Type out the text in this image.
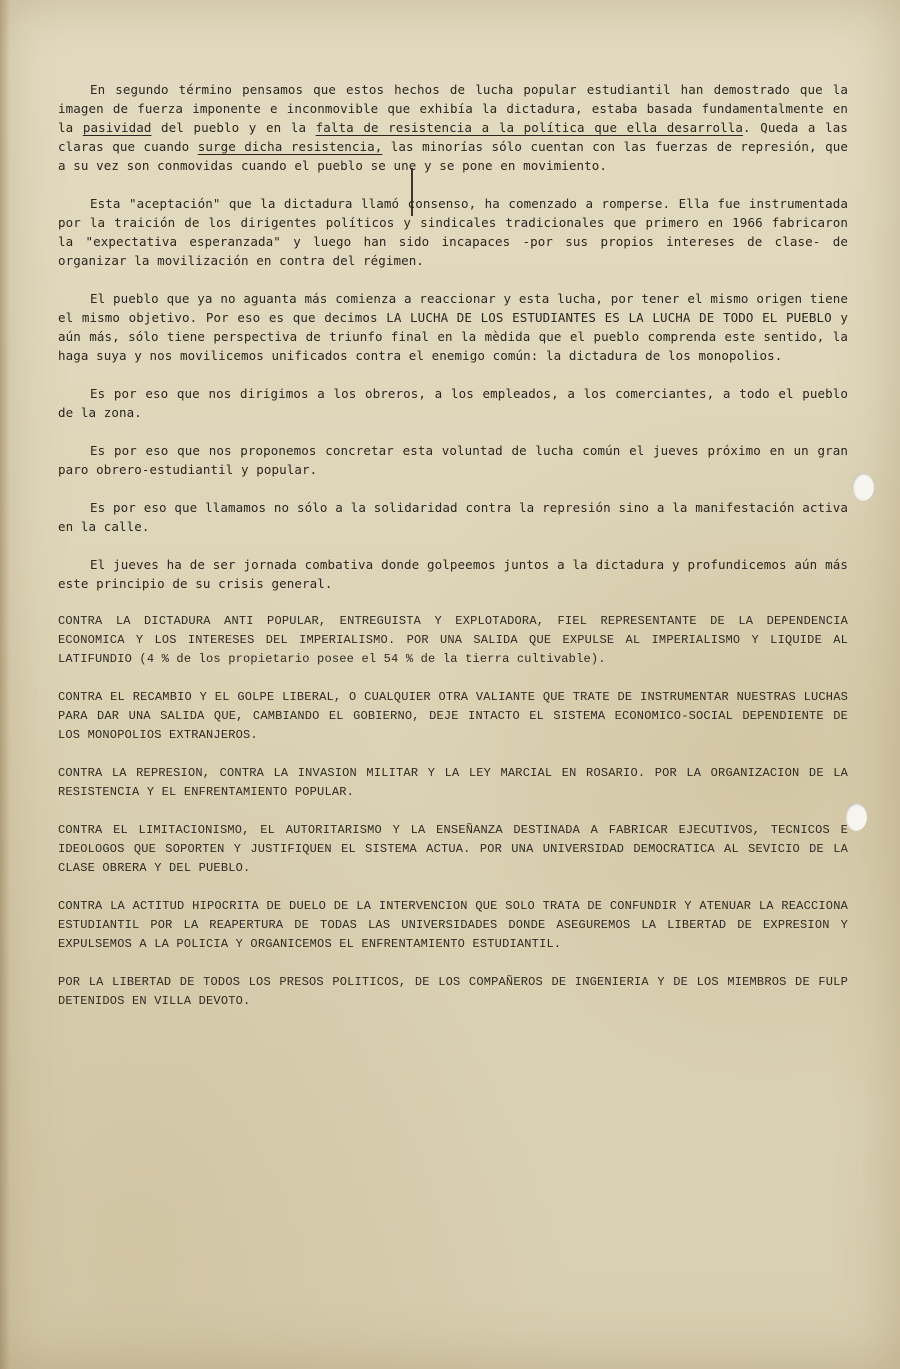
En segundo término pensamos que estos hechos de lucha popular estudiantil han demostrado que la imagen de fuerza imponente e inconmovible que exhibía la dictadura, estaba basada fundamentalmente en la pasividad del pueblo y en la falta de resistencia a la política que ella desarrolla. Queda a las claras que cuando surge dicha resistencia, las minorías sólo cuentan con las fuerzas de represión, que a su vez son conmovidas cuando el pueblo se une y se pone en movimiento.

Esta "aceptación" que la dictadura llamó consenso, ha comenzado a romperse. Ella fue instrumentada por la traición de los dirigentes políticos y sindicales tradicionales que primero en 1966 fabricaron la "expectativa esperanzada" y luego han sido incapaces -por sus propios intereses de clase- de organizar la movilización en contra del régimen.

El pueblo que ya no aguanta más comienza a reaccionar y esta lucha, por tener el mismo origen tiene el mismo objetivo. Por eso es que decimos LA LUCHA DE LOS ESTUDIANTES ES LA LUCHA DE TODO EL PUEBLO y aún más, sólo tiene perspectiva de triunfo final en la mèdida que el pueblo comprenda este sentido, la haga suya y nos movilicemos unificados contra el enemigo común: la dictadura de los monopolios.

Es por eso que nos dirigimos a los obreros, a los empleados, a los comerciantes, a todo el pueblo de la zona.

Es por eso que nos proponemos concretar esta voluntad de lucha común el jueves próximo en un gran paro obrero-estudiantil y popular.

Es por eso que llamamos no sólo a la solidaridad contra la represión sino a la manifestación activa en la calle.

El jueves ha de ser jornada combativa donde golpeemos juntos a la dictadura y profundicemos aún más este principio de su crisis general.

CONTRA LA DICTADURA ANTI POPULAR, ENTREGUISTA Y EXPLOTADORA, FIEL REPRESENTANTE DE LA DEPENDENCIA ECONOMICA Y LOS INTERESES DEL IMPERIALISMO. POR UNA SALIDA QUE EXPULSE AL IMPERIALISMO Y LIQUIDE AL LATIFUNDIO (4 % de los propietario posee el 54 % de la tierra cultivable).

CONTRA EL RECAMBIO Y EL GOLPE LIBERAL, O CUALQUIER OTRA VALIANTE QUE TRATE DE INSTRUMENTAR NUESTRAS LUCHAS PARA DAR UNA SALIDA QUE, CAMBIANDO EL GOBIERNO, DEJE INTACTO EL SISTEMA ECONOMICO-SOCIAL DEPENDIENTE DE LOS MONOPOLIOS EXTRANJEROS.

CONTRA LA REPRESION, CONTRA LA INVASION MILITAR Y LA LEY MARCIAL EN ROSARIO. POR LA ORGANIZACION DE LA RESISTENCIA Y EL ENFRENTAMIENTO POPULAR.

CONTRA EL LIMITACIONISMO, EL AUTORITARISMO Y LA ENSEÑANZA DESTINADA A FABRICAR EJECUTIVOS, TECNICOS E IDEOLOGOS QUE SOPORTEN Y JUSTIFIQUEN EL SISTEMA ACTUA. POR UNA UNIVERSIDAD DEMOCRATICA AL SEVICIO DE LA CLASE OBRERA Y DEL PUEBLO.

CONTRA LA ACTITUD HIPOCRITA DE DUELO DE LA INTERVENCION QUE SOLO TRATA DE CONFUNDIR Y ATENUAR LA REACCIONA ESTUDIANTIL POR LA REAPERTURA DE TODAS LAS UNIVERSIDADES DONDE ASEGUREMOS LA LIBERTAD DE EXPRESION Y EXPULSEMOS A LA POLICIA Y ORGANICEMOS EL ENFRENTAMIENTO ESTUDIANTIL.

POR LA LIBERTAD DE TODOS LOS PRESOS POLITICOS, DE LOS COMPAÑEROS DE INGENIERIA Y DE LOS MIEMBROS DE FULP DETENIDOS EN VILLA DEVOTO.
